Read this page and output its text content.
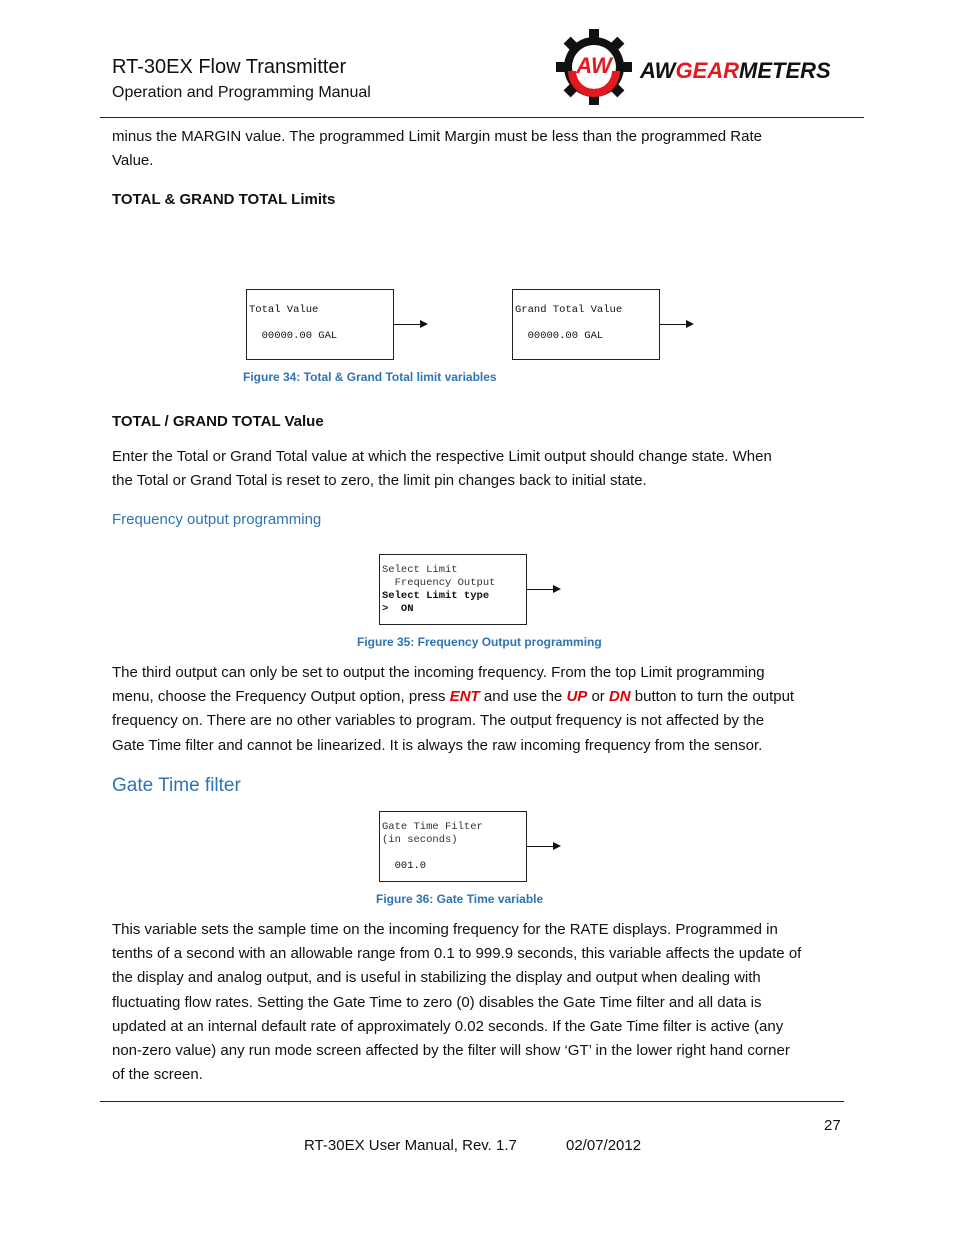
RT-30EX Flow Transmitter
Operation and Programming Manual
AW AWGEARMETERS
minus the MARGIN value. The programmed Limit Margin must be less than the programmed Rate
Value.
TOTAL & GRAND TOTAL Limits
Total Value
00000.00 GAL
Grand Total Value
00000.00 GAL
Figure 34: Total & Grand Total limit variables
TOTAL / GRAND TOTAL Value
Enter the Total or Grand Total value at which the respective Limit output should change state. When
the Total or Grand Total is reset to zero, the limit pin changes back to initial state.
Frequency output programming
Select Limit
Frequency Output
Select Limit type
>  ON
Figure 35: Frequency Output programming
The third output can only be set to output the incoming frequency. From the top Limit programming
menu, choose the Frequency Output option, press ENT and use the UP or DN button to turn the output
frequency on. There are no other variables to program. The output frequency is not affected by the
Gate Time filter and cannot be linearized. It is always the raw incoming frequency from the sensor.
Gate Time filter
Gate Time Filter
(in seconds)
001.0
Figure 36: Gate Time variable
This variable sets the sample time on the incoming frequency for the RATE displays. Programmed in
tenths of a second with an allowable range from 0.1 to 999.9 seconds, this variable affects the update of
the display and analog output, and is useful in stabilizing the display and output when dealing with
fluctuating flow rates. Setting the Gate Time to zero (0) disables the Gate Time filter and all data is
updated at an internal default rate of approximately 0.02 seconds. If the Gate Time filter is active (any
non-zero value) any run mode screen affected by the filter will show ‘GT’ in the lower right hand corner
of the screen.
27
RT-30EX User Manual, Rev. 1.7	02/07/2012
